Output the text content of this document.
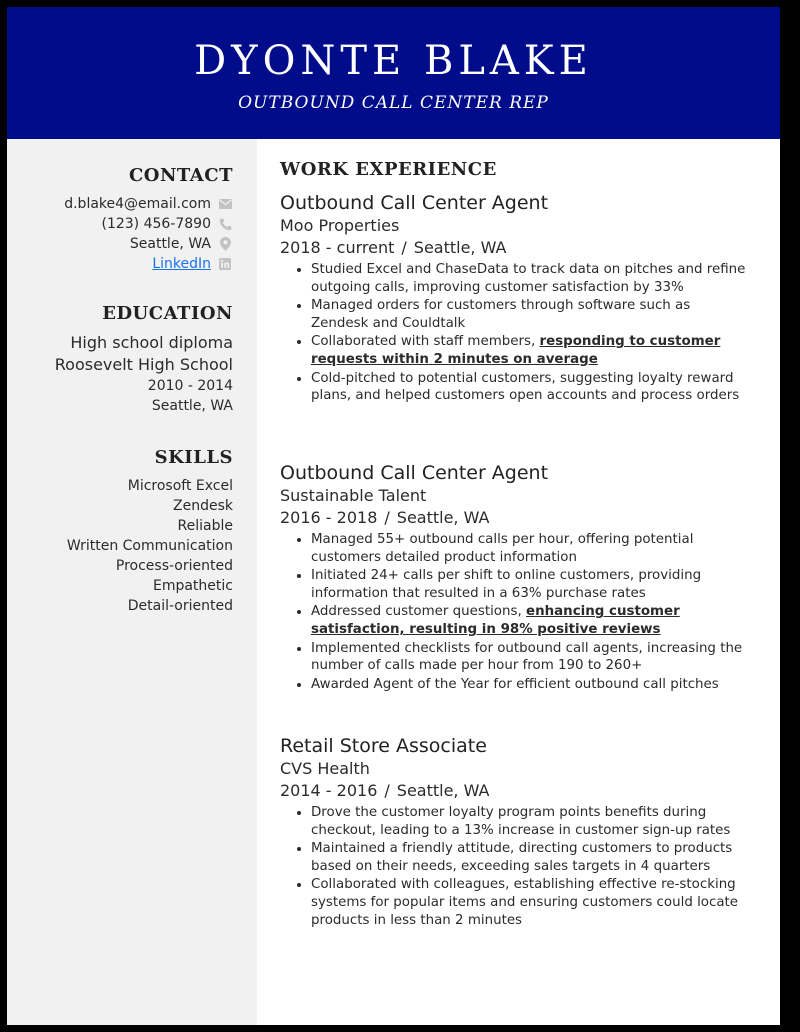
DYONTE BLAKE
OUTBOUND CALL CENTER REP
CONTACT
d.blake4@email.com
(123) 456-7890
Seattle, WA
LinkedIn
EDUCATION
High school diploma
Roosevelt High School
2010 - 2014
Seattle, WA
SKILLS
Microsoft Excel
Zendesk
Reliable
Written Communication
Process-oriented
Empathetic
Detail-oriented
WORK EXPERIENCE
Outbound Call Center Agent
Moo Properties
2018 - current / Seattle, WA
• Studied Excel and ChaseData to track data on pitches and refine outgoing calls, improving customer satisfaction by 33%
• Managed orders for customers through software such as Zendesk and Couldtalk
• Collaborated with staff members, responding to customer requests within 2 minutes on average
• Cold-pitched to potential customers, suggesting loyalty reward plans, and helped customers open accounts and process orders
Outbound Call Center Agent
Sustainable Talent
2016 - 2018 / Seattle, WA
• Managed 55+ outbound calls per hour, offering potential customers detailed product information
• Initiated 24+ calls per shift to online customers, providing information that resulted in a 63% purchase rates
• Addressed customer questions, enhancing customer satisfaction, resulting in 98% positive reviews
• Implemented checklists for outbound call agents, increasing the number of calls made per hour from 190 to 260+
• Awarded Agent of the Year for efficient outbound call pitches
Retail Store Associate
CVS Health
2014 - 2016 / Seattle, WA
• Drove the customer loyalty program points benefits during checkout, leading to a 13% increase in customer sign-up rates
• Maintained a friendly attitude, directing customers to products based on their needs, exceeding sales targets in 4 quarters
• Collaborated with colleagues, establishing effective re-stocking systems for popular items and ensuring customers could locate products in less than 2 minutes
